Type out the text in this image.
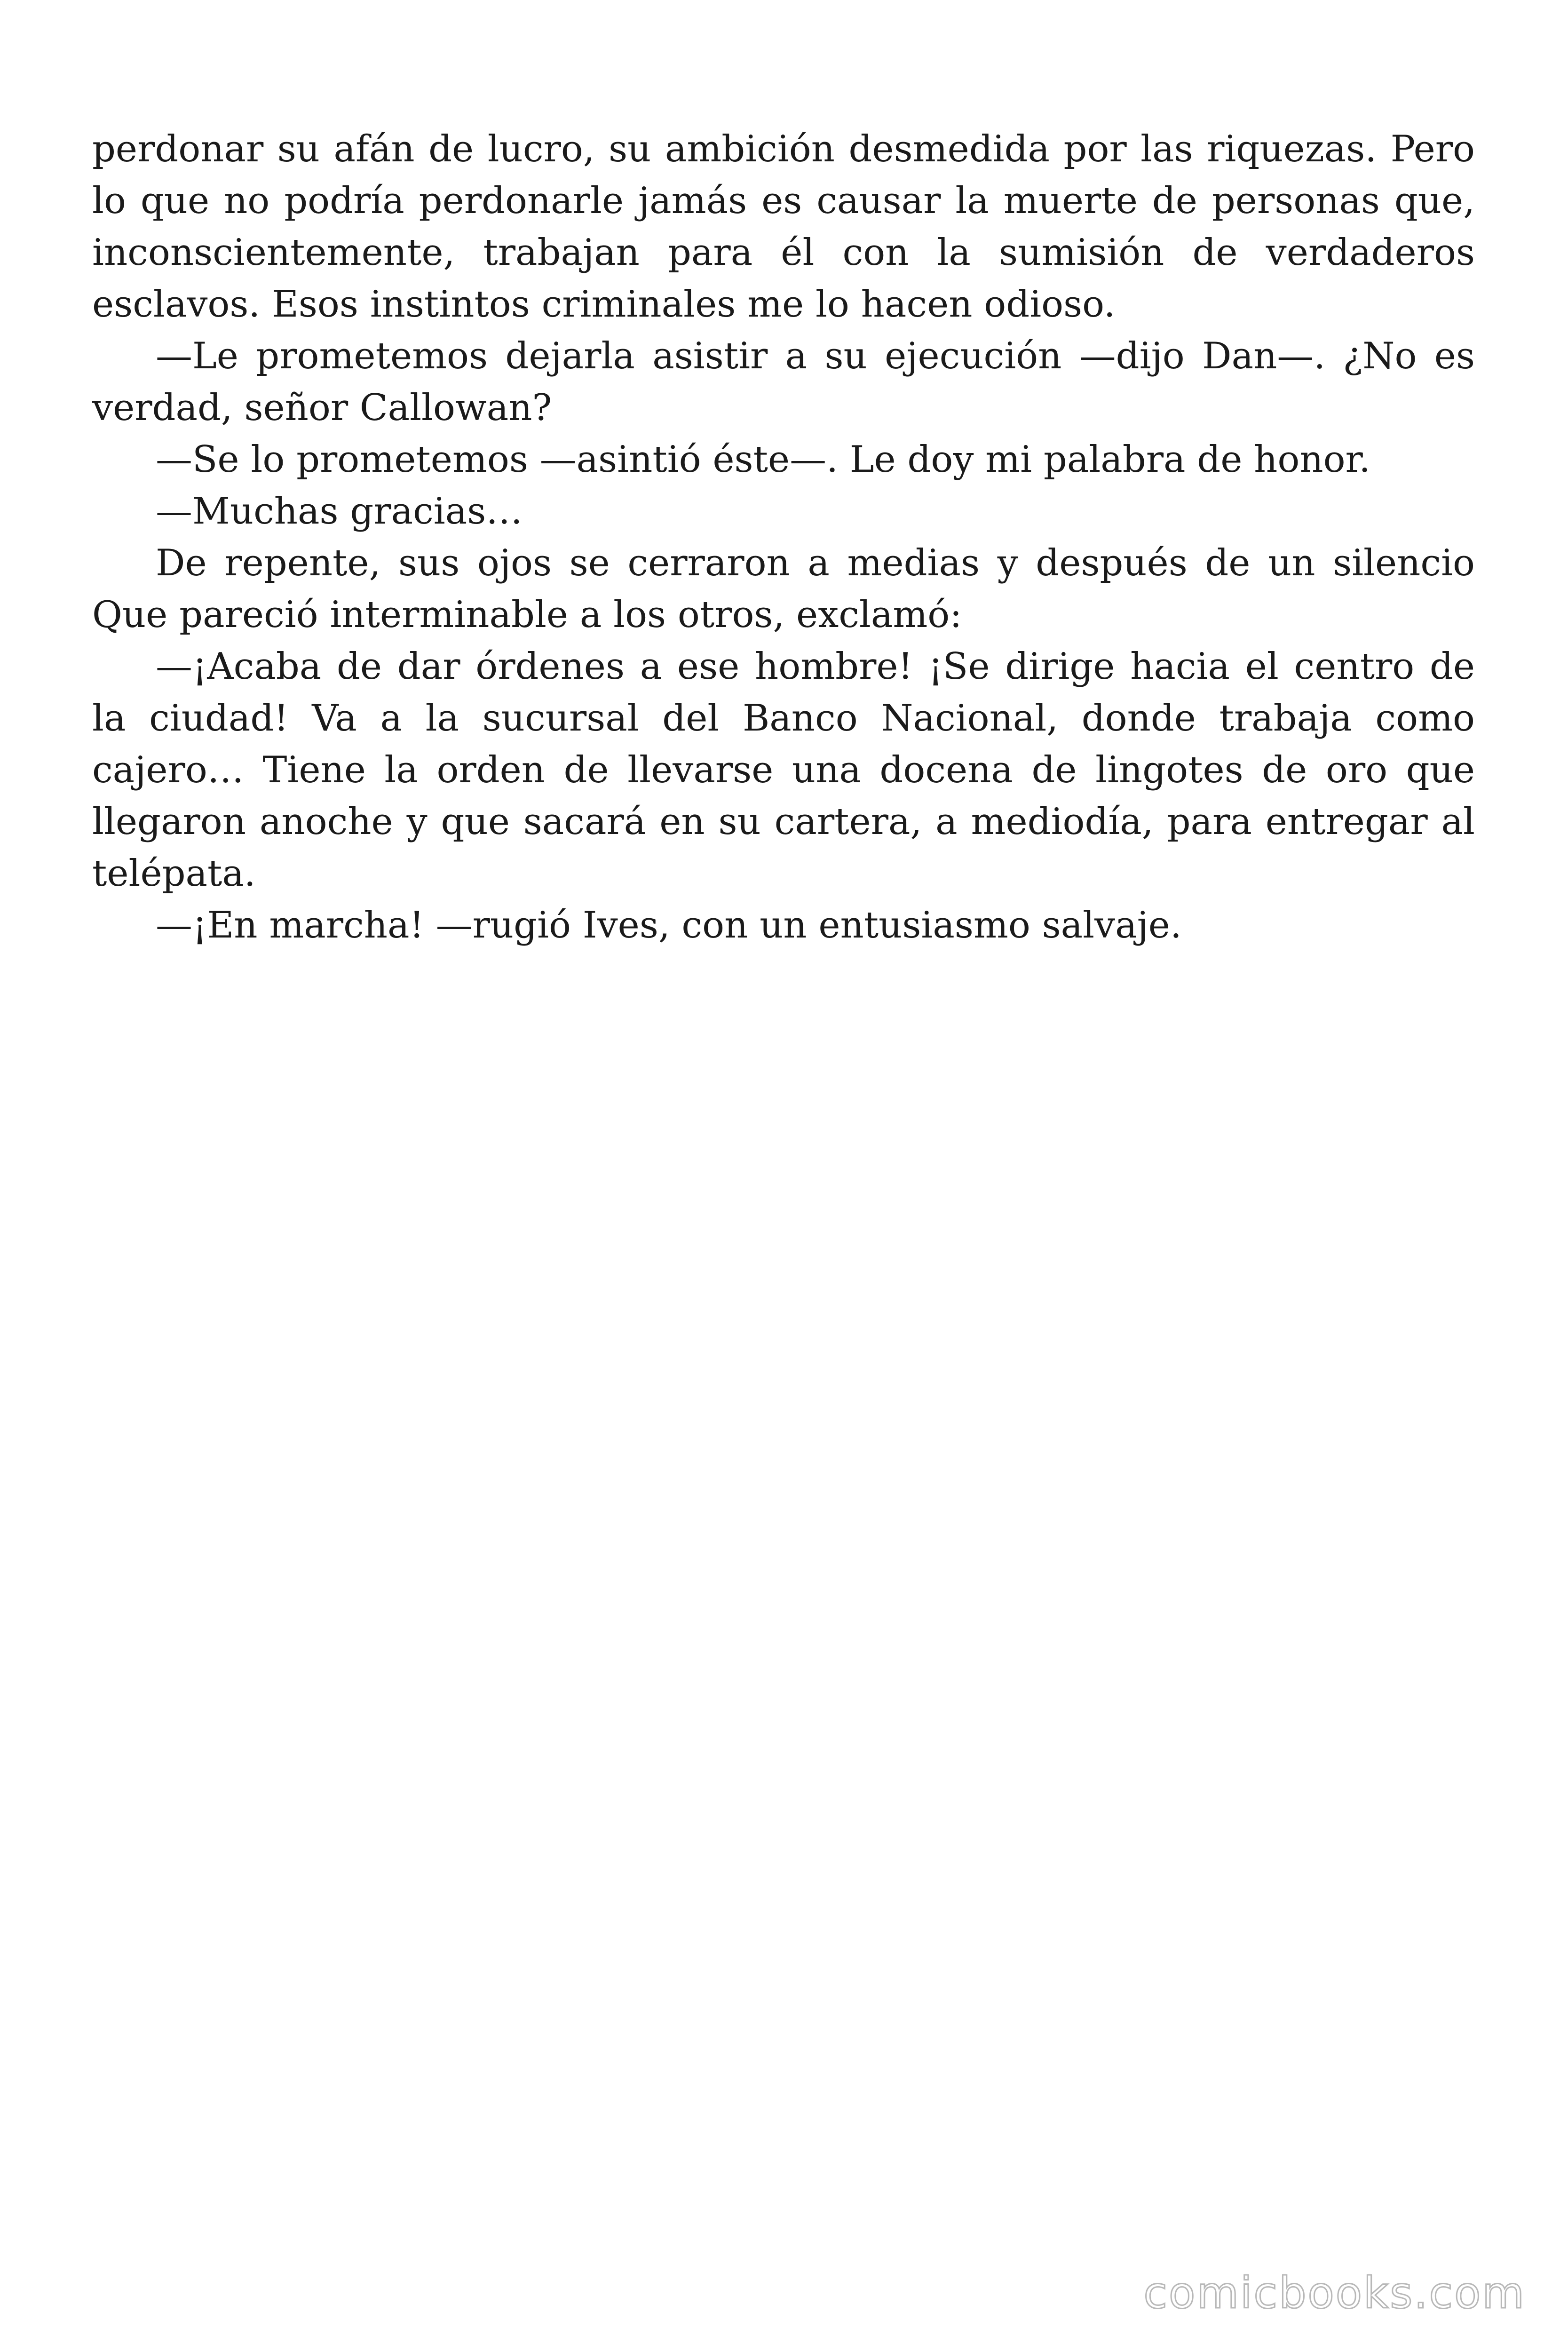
perdonar su afán de lucro, su ambición desmedida por las riquezas. Pero lo que no podría perdonarle jamás es causar la muerte de personas que, inconscientemente, trabajan para él con la sumisión de verdaderos esclavos. Esos instintos criminales me lo hacen odioso.

—Le prometemos dejarla asistir a su ejecución —dijo Dan—. ¿No es verdad, señor Callowan?

—Se lo prometemos —asintió éste—. Le doy mi palabra de honor.

—Muchas gracias…

De repente, sus ojos se cerraron a medias y después de un silencio Que pareció interminable a los otros, exclamó:

—¡Acaba de dar órdenes a ese hombre! ¡Se dirige hacia el centro de la ciudad! Va a la sucursal del Banco Nacional, donde trabaja como cajero… Tiene la orden de llevarse una docena de lingotes de oro que llegaron anoche y que sacará en su cartera, a mediodía, para entregar al telépata.

—¡En marcha! —rugió Ives, con un entusiasmo salvaje.

comicbooks.com
